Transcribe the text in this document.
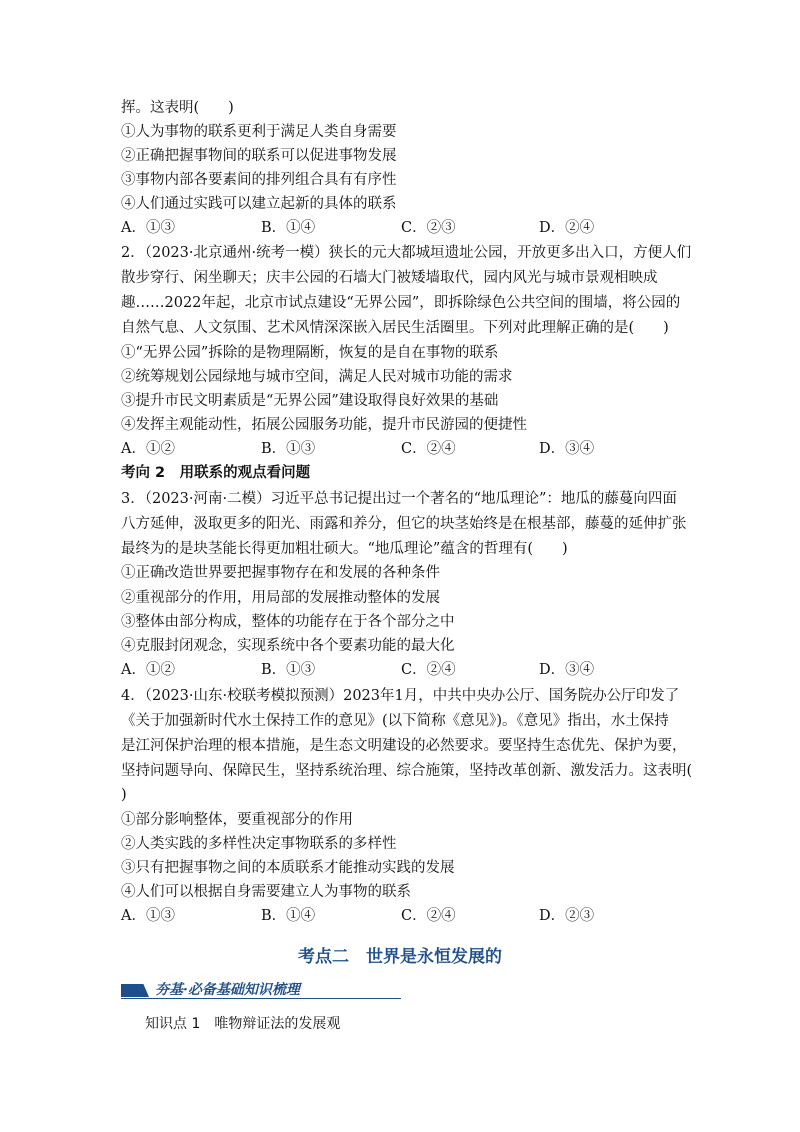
挥。这表明(　　)
①人为事物的联系更利于满足人类自身需要
②正确把握事物间的联系可以促进事物发展
③事物内部各要素间的排列组合具有有序性
④人们通过实践可以建立起新的具体的联系
A．①③	B．①④	C．②③	D．②④
2．（2023·北京通州·统考一模）狭长的元大都城垣遗址公园，开放更多出入口，方便人们
散步穿行、闲坐聊天；庆丰公园的石墙大门被矮墙取代，园内风光与城市景观相映成
趣……2022年起，北京市试点建设“无界公园”，即拆除绿色公共空间的围墙，将公园的
自然气息、人文氛围、艺术风情深深嵌入居民生活圈里。下列对此理解正确的是(　　)
①“无界公园”拆除的是物理隔断，恢复的是自在事物的联系
②统筹规划公园绿地与城市空间，满足人民对城市功能的需求
③提升市民文明素质是“无界公园”建设取得良好效果的基础
④发挥主观能动性，拓展公园服务功能，提升市民游园的便捷性
A．①②	B．①③	C．②④	D．③④
考向 2　用联系的观点看问题
3．（2023·河南·二模）习近平总书记提出过一个著名的“地瓜理论”：地瓜的藤蔓向四面
八方延伸，汲取更多的阳光、雨露和养分，但它的块茎始终是在根基部，藤蔓的延伸扩张
最终为的是块茎能长得更加粗壮硕大。“地瓜理论”蕴含的哲理有(　　)
①正确改造世界要把握事物存在和发展的各种条件
②重视部分的作用，用局部的发展推动整体的发展
③整体由部分构成，整体的功能存在于各个部分之中
④克服封闭观念，实现系统中各个要素功能的最大化
A．①②	B．①③	C．②④	D．③④
4．（2023·山东·校联考模拟预测）2023年1月，中共中央办公厅、国务院办公厅印发了
《关于加强新时代水土保持工作的意见》(以下简称《意见》)。《意见》指出，水土保持
是江河保护治理的根本措施，是生态文明建设的必然要求。要坚持生态优先、保护为要，
坚持问题导向、保障民生，坚持系统治理、综合施策，坚持改革创新、激发活力。这表明(
)
①部分影响整体，要重视部分的作用
②人类实践的多样性决定事物联系的多样性
③只有把握事物之间的本质联系才能推动实践的发展
④人们可以根据自身需要建立人为事物的联系
A．①③	B．①④	C．②④	D．②③
考点二　世界是永恒发展的
夯基·必备基础知识梳理
知识点 1　唯物辩证法的发展观
